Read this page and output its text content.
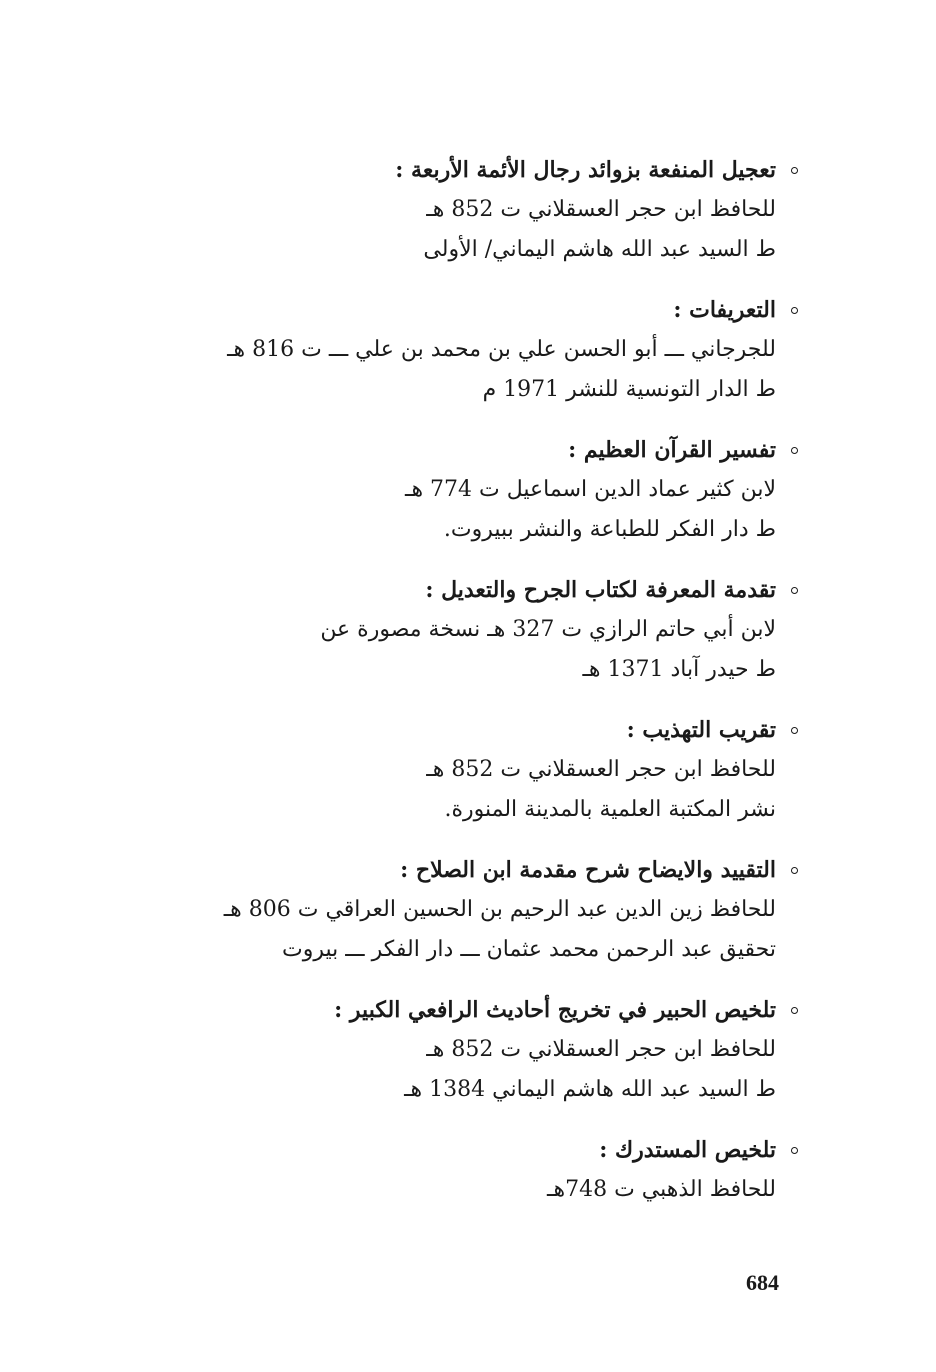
تعجيل المنفعة بزوائد رجال الأئمة الأربعة :
للحافظ ابن حجر العسقلاني ت 852 هـ
ط السيد عبد الله هاشم اليماني/ الأولى
التعريفات :
للجرجاني ـــ أبو الحسن علي بن محمد بن علي ـــ ت 816 هـ
ط الدار التونسية للنشر 1971 م
تفسير القرآن العظيم :
لابن كثير عماد الدين اسماعيل ت 774 هـ
ط دار الفكر للطباعة والنشر ببيروت.
تقدمة المعرفة لكتاب الجرح والتعديل :
لابن أبي حاتم الرازي ت 327 هـ نسخة مصورة عن
ط حيدر آباد 1371 هـ
تقريب التهذيب :
للحافظ ابن حجر العسقلاني ت 852 هـ
نشر المكتبة العلمية بالمدينة المنورة.
التقييد والايضاح شرح مقدمة ابن الصلاح :
للحافظ زين الدين عبد الرحيم بن الحسين العراقي ت 806 هـ
تحقيق عبد الرحمن محمد عثمان ـــ دار الفكر ـــ بيروت
تلخيص الحبير في تخريج أحاديث الرافعي الكبير :
للحافظ ابن حجر العسقلاني ت 852 هـ
ط السيد عبد الله هاشم اليماني 1384 هـ
تلخيص المستدرك :
للحافظ الذهبي ت 748هـ
684
